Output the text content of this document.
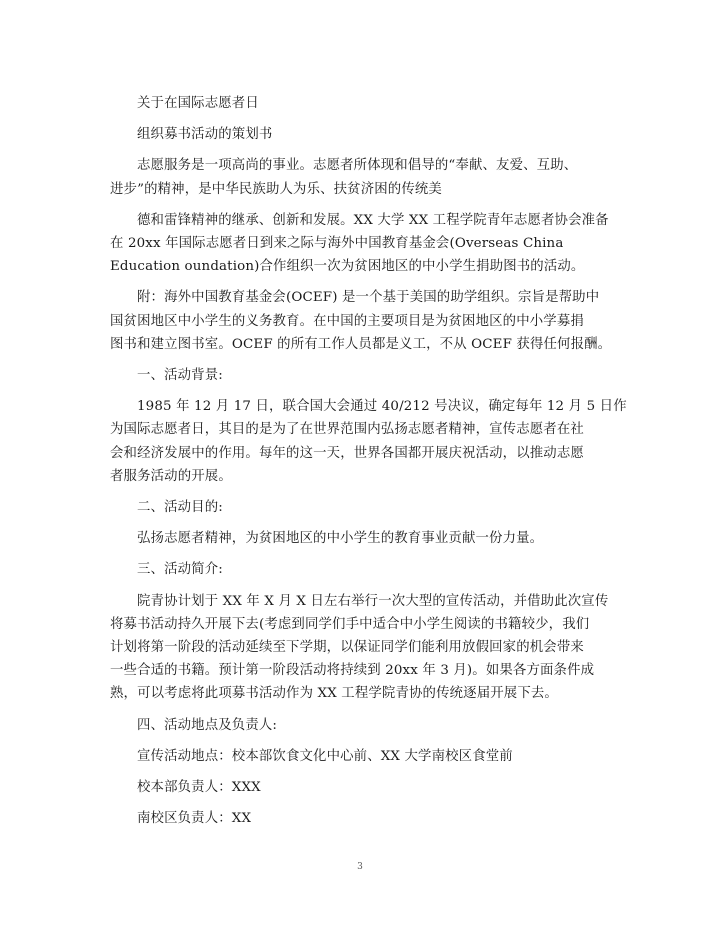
关于在国际志愿者日
组织募书活动的策划书
志愿服务是一项高尚的事业。志愿者所体现和倡导的“奉献、友爱、互助、
进步”的精神，是中华民族助人为乐、扶贫济困的传统美
德和雷锋精神的继承、创新和发展。XX 大学 XX 工程学院青年志愿者协会准备
在 20xx 年国际志愿者日到来之际与海外中国教育基金会(Overseas China
Education oundation)合作组织一次为贫困地区的中小学生捐助图书的活动。
附：海外中国教育基金会(OCEF) 是一个基于美国的助学组织。宗旨是帮助中
国贫困地区中小学生的义务教育。在中国的主要项目是为贫困地区的中小学募捐
图书和建立图书室。OCEF 的所有工作人员都是义工，不从 OCEF 获得任何报酬。
一、活动背景:
1985 年 12 月 17 日，联合国大会通过 40/212 号决议，确定每年 12 月 5 日作
为国际志愿者日，其目的是为了在世界范围内弘扬志愿者精神，宣传志愿者在社
会和经济发展中的作用。每年的这一天，世界各国都开展庆祝活动，以推动志愿
者服务活动的开展。
二、活动目的:
弘扬志愿者精神，为贫困地区的中小学生的教育事业贡献一份力量。
三、活动简介:
院青协计划于 XX 年 X 月 X 日左右举行一次大型的宣传活动，并借助此次宣传
将募书活动持久开展下去(考虑到同学们手中适合中小学生阅读的书籍较少，我们
计划将第一阶段的活动延续至下学期，以保证同学们能利用放假回家的机会带来
一些合适的书籍。预计第一阶段活动将持续到 20xx 年 3 月)。如果各方面条件成
熟，可以考虑将此项募书活动作为 XX 工程学院青协的传统逐届开展下去。
四、活动地点及负责人:
宣传活动地点：校本部饮食文化中心前、XX 大学南校区食堂前
校本部负责人：XXX
南校区负责人：XX
3
